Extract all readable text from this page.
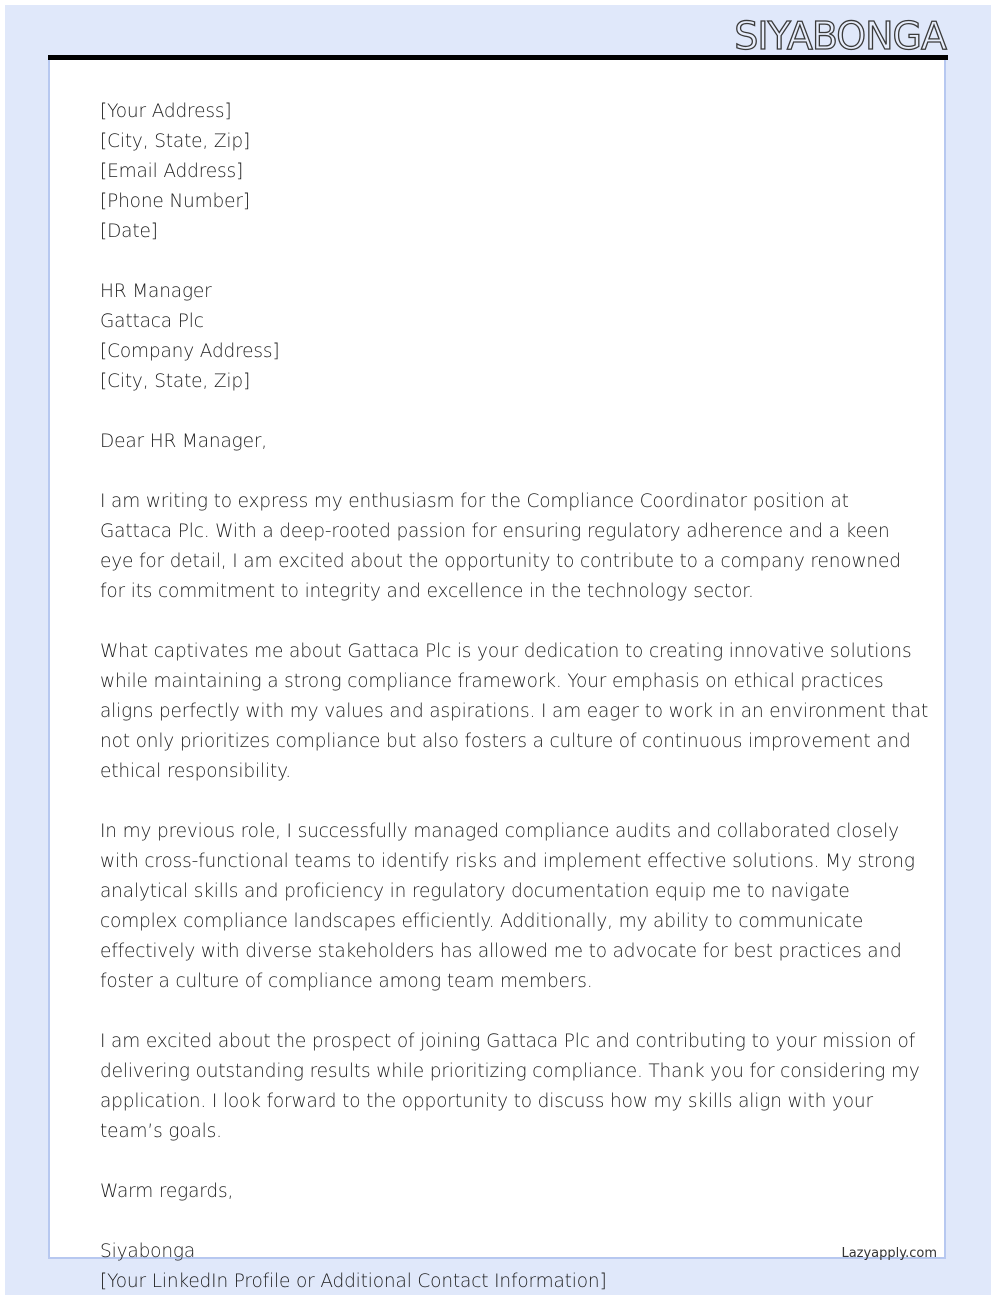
SIYABONGA
[Your Address]
[City, State, Zip]
[Email Address]
[Phone Number]
[Date]
HR Manager
Gattaca Plc
[Company Address]
[City, State, Zip]
Dear HR Manager,

I am writing to express my enthusiasm for the Compliance Coordinator position at
Gattaca Plc. With a deep-rooted passion for ensuring regulatory adherence and a keen
eye for detail, I am excited about the opportunity to contribute to a company renowned
for its commitment to integrity and excellence in the technology sector.

What captivates me about Gattaca Plc is your dedication to creating innovative solutions
while maintaining a strong compliance framework. Your emphasis on ethical practices
aligns perfectly with my values and aspirations. I am eager to work in an environment that
not only prioritizes compliance but also fosters a culture of continuous improvement and
ethical responsibility.

In my previous role, I successfully managed compliance audits and collaborated closely
with cross-functional teams to identify risks and implement effective solutions. My strong
analytical skills and proficiency in regulatory documentation equip me to navigate
complex compliance landscapes efficiently. Additionally, my ability to communicate
effectively with diverse stakeholders has allowed me to advocate for best practices and
foster a culture of compliance among team members.

I am excited about the prospect of joining Gattaca Plc and contributing to your mission of
delivering outstanding results while prioritizing compliance. Thank you for considering my
application. I look forward to the opportunity to discuss how my skills align with your
team’s goals.

Warm regards,
Siyabonga
[Your LinkedIn Profile or Additional Contact Information]
Lazyapply.com
